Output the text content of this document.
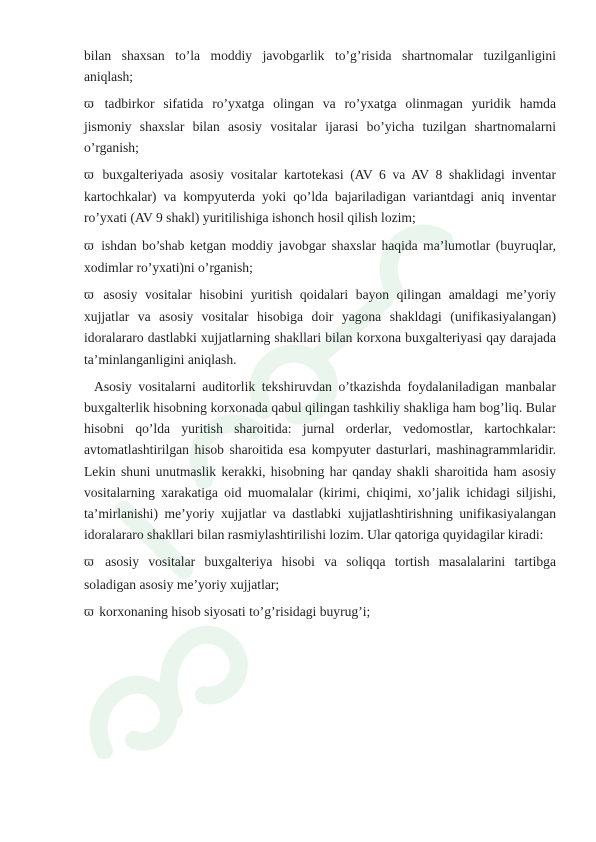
bilan shaxsan to’la moddiy javobgarlik to’g’risida shartnomalar tuzilganligini aniqlash;

ϖ tadbirkor sifatida ro’yxatga olingan va ro’yxatga olinmagan yuridik hamda jismoniy shaxslar bilan asosiy vositalar ijarasi bo’yicha tuzilgan shartnomalarni o’rganish;

ϖ buxgalteriyada asosiy vositalar kartotekasi (AV 6 va AV 8 shaklidagi inventar kartochkalar) va kompyuterda yoki qo’lda bajariladigan variantdagi aniq inventar ro’yxati (AV 9 shakl) yuritilishiga ishonch hosil qilish lozim;

ϖ ishdan bo’shab ketgan moddiy javobgar shaxslar haqida ma’lumotlar (buyruqlar, xodimlar ro’yxati)ni o’rganish;

ϖ asosiy vositalar hisobini yuritish qoidalari bayon qilingan amaldagi me’yoriy xujjatlar va asosiy vositalar hisobiga doir yagona shakldagi (unifikasiyalangan) idoralararo dastlabki xujjatlarning shakllari bilan korxona buxgalteriyasi qay darajada ta’minlanganligini aniqlash.

Asosiy vositalarni auditorlik tekshiruvdan o’tkazishda foydalaniladigan manbalar buxgalterlik hisobning korxonada qabul qilingan tashkiliy shakliga ham bog’liq. Bular hisobni qo’lda yuritish sharoitida: jurnal orderlar, vedomostlar, kartochkalar: avtomatlashtirilgan hisob sharoitida esa kompyuter dasturlari, mashinagrammlaridir. Lekin shuni unutmaslik kerakki, hisobning har qanday shakli sharoitida ham asosiy vositalarning xarakatiga oid muomalalar (kirimi, chiqimi, xo’jalik ichidagi siljishi, ta’mirlanishi) me’yoriy xujjatlar va dastlabki xujjatlashtirishning unifikasiyalangan idoralararo shakllari bilan rasmiylashtirilishi lozim. Ular qatoriga quyidagilar kiradi:

ϖ asosiy vositalar buxgalteriya hisobi va soliqqa tortish masalalarini tartibga soladigan asosiy me’yoriy xujjatlar;

ϖ korxonaning hisob siyosati to’g’risidagi buyrug’i;
